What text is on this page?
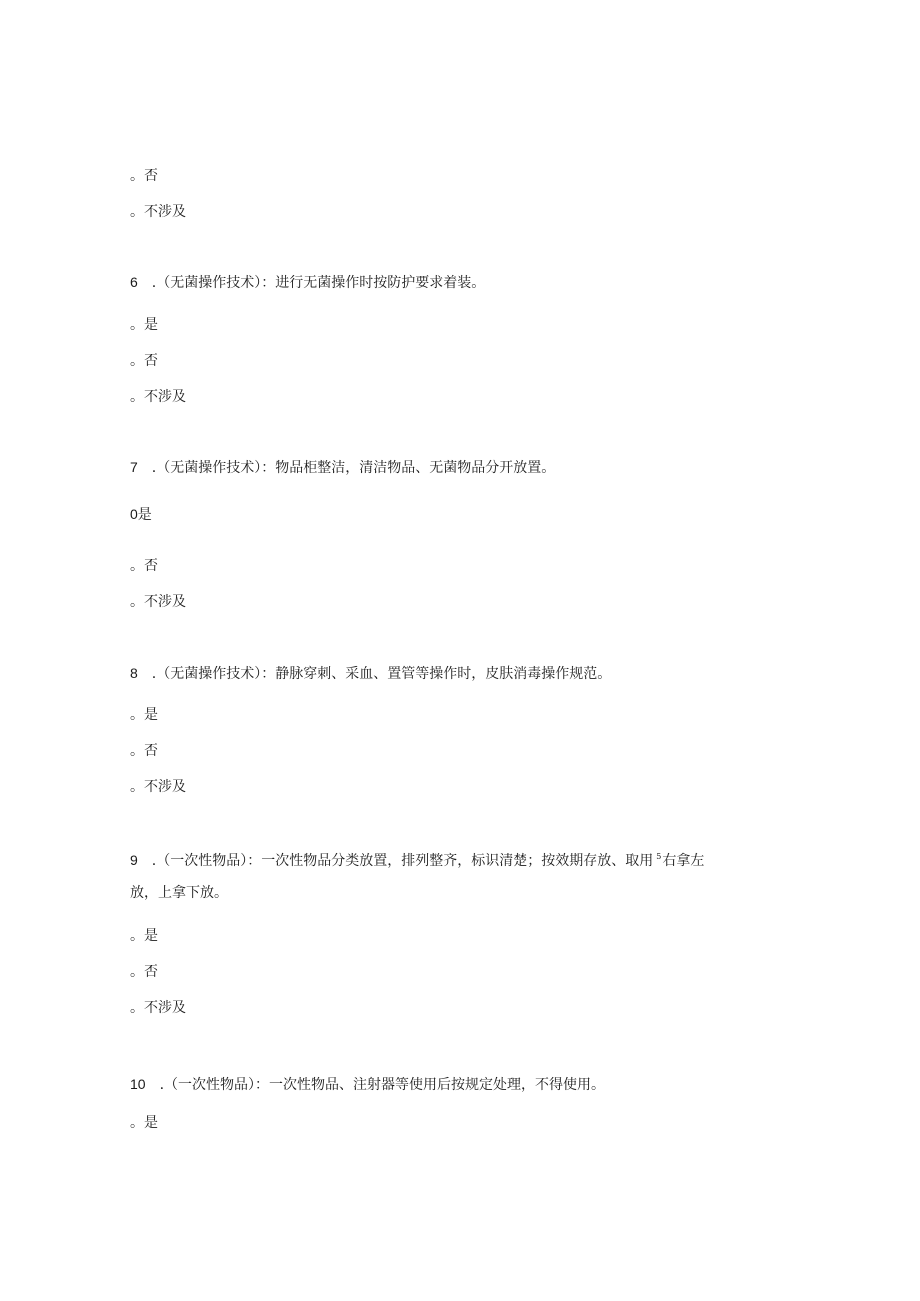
。否
。不涉及
6 .（无菌操作技术）：进行无菌操作时按防护要求着装。
。是
。否
。不涉及
7 .（无菌操作技术）：物品柜整洁，清洁物品、无菌物品分开放置。
0是
。否
。不涉及
8 .（无菌操作技术）：静脉穿刺、采血、置管等操作时，皮肤消毒操作规范。
。是
。否
。不涉及
9 .（一次性物品）：一次性物品分类放置，排列整齐，标识清楚；按效期存放、取用 $^5$右拿左
放，上拿下放。
。是
。否
。不涉及
10 .（一次性物品）：一次性物品、注射器等使用后按规定处理，不得使用。
。是
